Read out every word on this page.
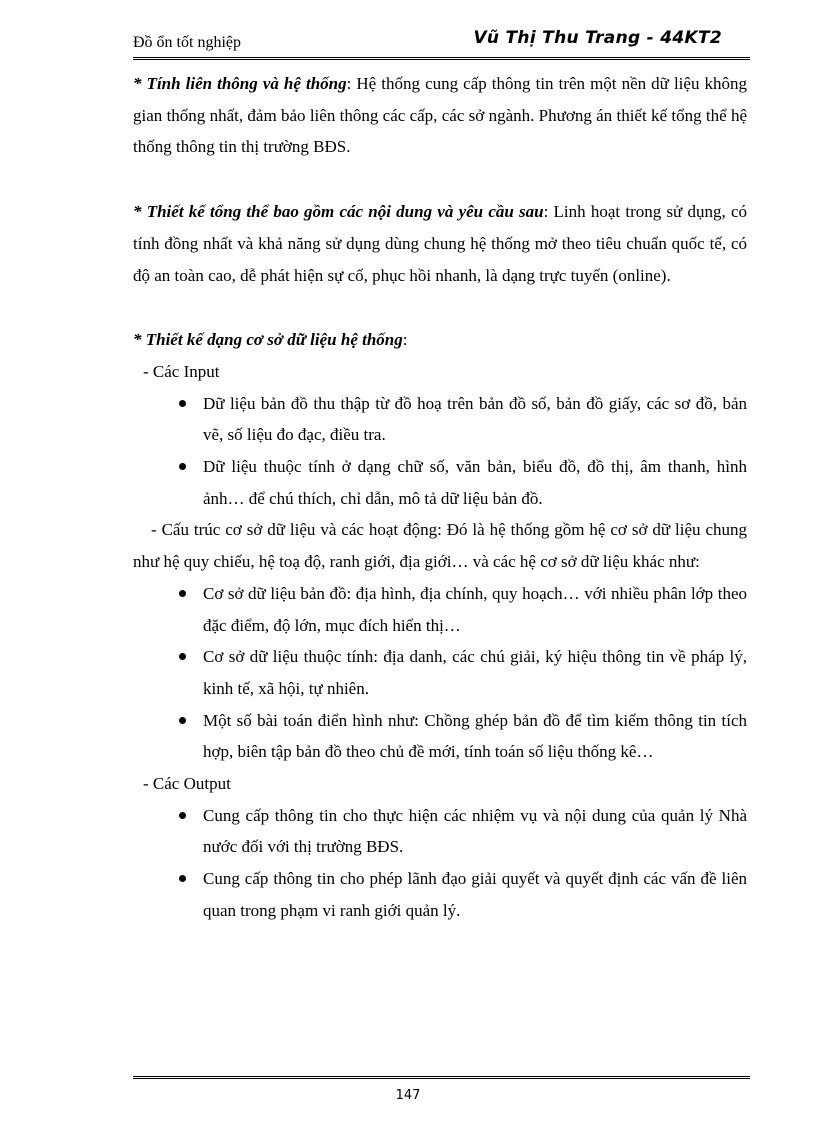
Đồ ổn tốt nghiệp	Vũ Thị Thu Trang - 44KT2

* Tính liên thông và hệ thống: Hệ thống cung cấp thông tin trên một nền dữ liệu không gian thống nhất, đảm bảo liên thông các cấp, các sở ngành. Phương án thiết kế tổng thể hệ thống thông tin thị trường BĐS.

* Thiết kế tổng thể bao gồm các nội dung và yêu cầu sau: Linh hoạt trong sử dụng, có tính đồng nhất và khả năng sử dụng dùng chung hệ thống mở theo tiêu chuẩn quốc tế, có độ an toàn cao, dễ phát hiện sự cố, phục hồi nhanh, là dạng trực tuyến (online).

* Thiết kế dạng cơ sở dữ liệu hệ thống:

- Các Input

Dữ liệu bản đồ thu thập từ đồ hoạ trên bản đồ số, bản đồ giấy, các sơ đồ, bản vẽ, số liệu đo đạc, điều tra.
Dữ liệu thuộc tính ở dạng chữ số, văn bản, biểu đồ, đồ thị, âm thanh, hình ảnh… để chú thích, chỉ dẫn, mô tả dữ liệu bản đồ.

- Cấu trúc cơ sở dữ liệu và các hoạt động: Đó là hệ thống gồm hệ cơ sở dữ liệu chung như hệ quy chiếu, hệ toạ độ, ranh giới, địa giới… và các hệ cơ sở dữ liệu khác như:

Cơ sở dữ liệu bản đồ: địa hình, địa chính, quy hoạch… với nhiều phân lớp theo đặc điểm, độ lớn, mục đích hiển thị…
Cơ sở dữ liệu thuộc tính: địa danh, các chú giải, ký hiệu thông tin về pháp lý, kinh tế, xã hội, tự nhiên.
Một số bài toán điển hình như: Chồng ghép bản đồ để tìm kiếm thông tin tích hợp, biên tập bản đồ theo chủ đề mới, tính toán số liệu thống kê…

- Các Output

Cung cấp thông tin cho thực hiện các nhiệm vụ và nội dung của quản lý Nhà nước đối với thị trường BĐS.
Cung cấp thông tin cho phép lãnh đạo giải quyết và quyết định các vấn đề liên quan trong phạm vi ranh giới quản lý.
147
